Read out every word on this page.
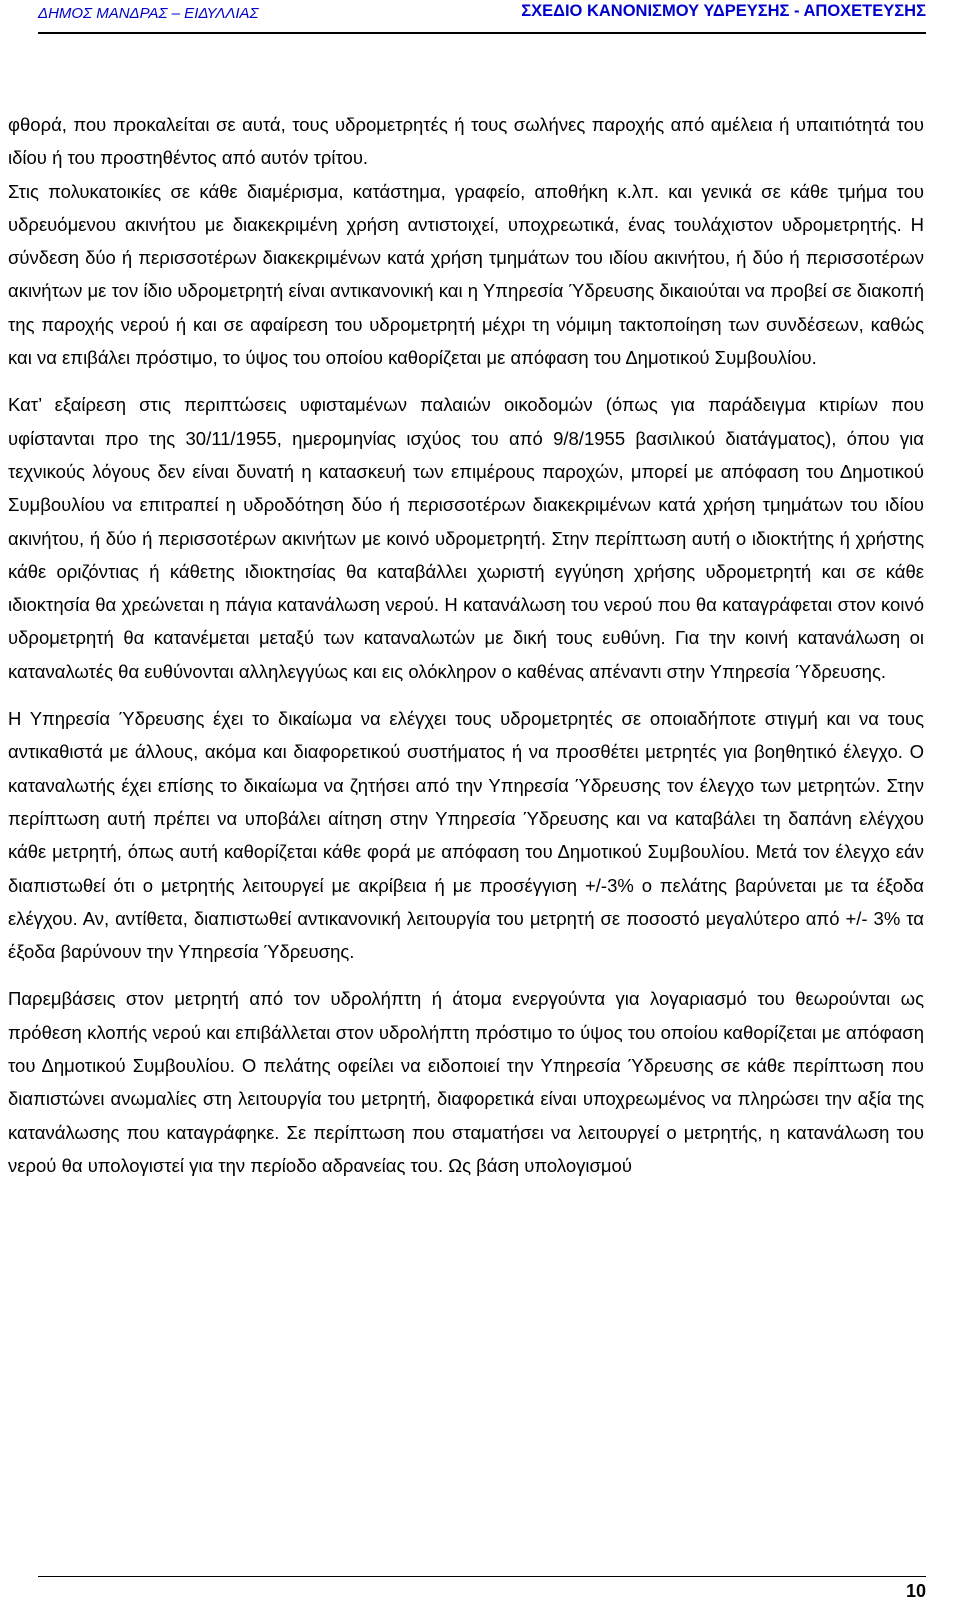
ΔΗΜΟΣ ΜΑΝΔΡΑΣ – ΕΙΔΥΛΛΙΑΣ	ΣΧΕΔΙΟ ΚΑΝΟΝΙΣΜΟΥ ΥΔΡΕΥΣΗΣ - ΑΠΟΧΕΤΕΥΣΗΣ

φθορά, που προκαλείται σε αυτά, τους υδρομετρητές ή τους σωλήνες παροχής από αμέλεια ή υπαιτιότητά του ιδίου ή του προστηθέντος από αυτόν τρίτου.

Στις πολυκατοικίες σε κάθε διαμέρισμα, κατάστημα, γραφείο, αποθήκη κ.λπ. και γενικά σε κάθε τμήμα του υδρευόμενου ακινήτου με διακεκριμένη χρήση αντιστοιχεί, υποχρεωτικά, ένας τουλάχιστον υδρομετρητής. Η σύνδεση δύο ή περισσοτέρων διακεκριμένων κατά χρήση τμημάτων του ιδίου ακινήτου, ή δύο ή περισσοτέρων ακινήτων με τον ίδιο υδρομετρητή είναι αντικανονική και η Υπηρεσία Ύδρευσης δικαιούται να προβεί σε διακοπή της παροχής νερού ή και σε αφαίρεση του υδρομετρητή μέχρι τη νόμιμη τακτοποίηση των συνδέσεων, καθώς και να επιβάλει πρόστιμο, το ύψος του οποίου καθορίζεται με απόφαση του Δημοτικού Συμβουλίου.

Κατ’ εξαίρεση στις περιπτώσεις υφισταμένων παλαιών οικοδομών (όπως για παράδειγμα κτιρίων που υφίστανται προ της 30/11/1955, ημερομηνίας ισχύος του από 9/8/1955 βασιλικού διατάγματος), όπου για τεχνικούς λόγους δεν είναι δυνατή η κατασκευή των επιμέρους παροχών, μπορεί με απόφαση του Δημοτικού Συμβουλίου να επιτραπεί η υδροδότηση δύο ή περισσοτέρων διακεκριμένων κατά χρήση τμημάτων του ιδίου ακινήτου, ή δύο ή περισσοτέρων ακινήτων με κοινό υδρομετρητή. Στην περίπτωση αυτή ο ιδιοκτήτης ή χρήστης κάθε οριζόντιας ή κάθετης ιδιοκτησίας θα καταβάλλει χωριστή εγγύηση χρήσης υδρομετρητή και σε κάθε ιδιοκτησία θα χρεώνεται η πάγια κατανάλωση νερού. Η κατανάλωση του νερού που θα καταγράφεται στον κοινό υδρομετρητή θα κατανέμεται μεταξύ των καταναλωτών με δική τους ευθύνη. Για την κοινή κατανάλωση οι καταναλωτές θα ευθύνονται αλληλεγγύως και εις ολόκληρον ο καθένας απέναντι στην Υπηρεσία Ύδρευσης.

Η Υπηρεσία Ύδρευσης έχει το δικαίωμα να ελέγχει τους υδρομετρητές σε οποιαδήποτε στιγμή και να τους αντικαθιστά με άλλους, ακόμα και διαφορετικού συστήματος ή να προσθέτει μετρητές για βοηθητικό έλεγχο. Ο καταναλωτής έχει επίσης το δικαίωμα να ζητήσει από την Υπηρεσία Ύδρευσης τον έλεγχο των μετρητών. Στην περίπτωση αυτή πρέπει να υποβάλει αίτηση στην Υπηρεσία Ύδρευσης και να καταβάλει τη δαπάνη ελέγχου κάθε μετρητή, όπως αυτή καθορίζεται κάθε φορά με απόφαση του Δημοτικού Συμβουλίου. Μετά τον έλεγχο εάν διαπιστωθεί ότι ο μετρητής λειτουργεί με ακρίβεια ή με προσέγγιση +/-3% ο πελάτης βαρύνεται με τα έξοδα ελέγχου. Αν, αντίθετα, διαπιστωθεί αντικανονική λειτουργία του μετρητή σε ποσοστό μεγαλύτερο από +/- 3% τα έξοδα βαρύνουν την Υπηρεσία Ύδρευσης.

Παρεμβάσεις στον μετρητή από τον υδρολήπτη ή άτομα ενεργούντα για λογαριασμό του θεωρούνται ως πρόθεση κλοπής νερού και επιβάλλεται στον υδρολήπτη πρόστιμο το ύψος του οποίου καθορίζεται με απόφαση του Δημοτικού Συμβουλίου. Ο πελάτης οφείλει να ειδοποιεί την Υπηρεσία Ύδρευσης σε κάθε περίπτωση που διαπιστώνει ανωμαλίες στη λειτουργία του μετρητή, διαφορετικά είναι υποχρεωμένος να πληρώσει την αξία της κατανάλωσης που καταγράφηκε. Σε περίπτωση που σταματήσει να λειτουργεί ο μετρητής, η κατανάλωση του νερού θα υπολογιστεί για την περίοδο αδρανείας του. Ως βάση υπολογισμού

10
